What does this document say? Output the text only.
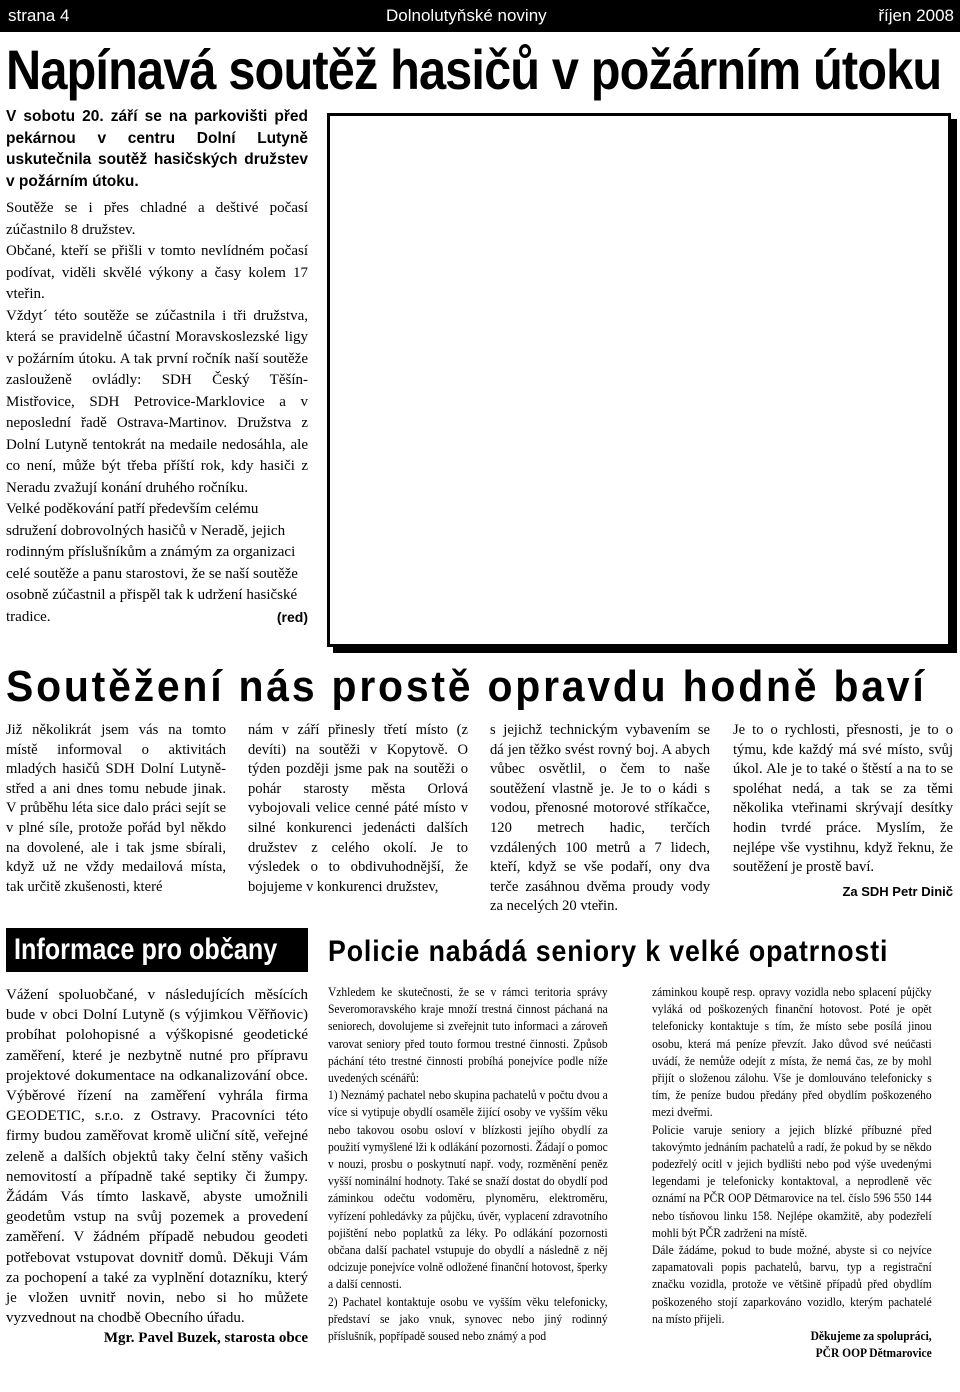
strana 4	Dolnolutyňské noviny	říjen 2008
Napínavá soutěž hasičů v požárním útoku
V sobotu 20. září se na parkovišti před pekárnou v centru Dolní Lutyně uskutečnila soutěž hasičských družstev v požárním útoku.

Soutěže se i přes chladné a deštivé počasí zúčastnilo 8 družstev.

Občané, kteří se přišli v tomto nevlídném počasí podívat, viděli skvělé výkony a časy kolem 17 vteřin.

Vždyt´ této soutěže se zúčastnila i tři družstva, která se pravidelně účastní Moravskoslezské ligy v požárním útoku. A tak první ročník naší soutěže zaslouženě ovládly: SDH Český Těšín-Mistřovice, SDH Petrovice-Marklovice a v neposlední řadě Ostrava-Martinov. Družstva z Dolní Lutyně tentokrát na medaile nedosáhla, ale co není, může být třeba příští rok, kdy hasiči z Neradu zvažují konání druhého ročníku.

Velké poděkování patří především celému sdružení dobrovolných hasičů v Neradě, jejich rodinným příslušníkům a známým za organizaci celé soutěže a panu starostovi, že se naší soutěže osobně zúčastnil a přispěl tak k udržení hasičské tradice.	(red)

Soutěžení nás prostě opravdu hodně baví
Již několikrát jsem vás na tomto místě informoval o aktivitách mladých hasičů SDH Dolní Lutyně-střed a ani dnes tomu nebude jinak. V průběhu léta sice dalo práci sejít se v plné síle, protože pořád byl někdo na dovolené, ale i tak jsme sbírali, když už ne vždy medailová místa, tak určitě zkušenosti, které
nám v září přinesly třetí místo (z devíti) na soutěži v Kopytově. O týden později jsme pak na soutěži o pohár starosty města Orlová vybojovali velice cenné páté místo v silné konkurenci jedenácti dalších družstev z celého okolí. Je to výsledek o to obdivuhodnější, že bojujeme v konkurenci družstev,
s jejichž technickým vybavením se dá jen těžko svést rovný boj. A abych vůbec osvětlil, o čem to naše soutěžení vlastně je. Je to o kádi s vodou, přenosné motorové stříkačce, 120 metrech hadic, terčích vzdálených 100 metrů a 7 lidech, kteří, když se vše podaří, ony dva terče zasáhnou dvěma proudy vody za necelých 20 vteřin.
Je to o rychlosti, přesnosti, je to o týmu, kde každý má své místo, svůj úkol. Ale je to také o štěstí a na to se spoléhat nedá, a tak se za těmi několika vteřinami skrývají desítky hodin tvrdé práce. Myslím, že nejlépe vše vystihnu, když řeknu, že soutěžení je prostě baví.
Za SDH Petr Dinič
Informace pro občany
Vážení spoluobčané, v následujících měsících bude v obci Dolní Lutyně (s výjimkou Věřňovic) probíhat polohopisné a výškopisné geodetické zaměření, které je nezbytně nutné pro přípravu projektové dokumentace na odkanalizování obce. Výběrové řízení na zaměření vyhrála firma GEODETIC, s.r.o. z Ostravy. Pracovníci této firmy budou zaměřovat kromě uliční sítě, veřejné zeleně a dalších objektů taky čelní stěny vašich nemovitostí a případně také septiky či žumpy. Žádám Vás tímto laskavě, abyste umožnili geodetům vstup na svůj pozemek a provedení zaměření. V žádném případě nebudou geodeti potřebovat vstupovat dovnitř domů. Děkuji Vám za pochopení a také za vyplnění dotazníku, který je vložen uvnitř novin, nebo si ho můžete vyzvednout na chodbě Obecního úřadu.
Mgr. Pavel Buzek, starosta obce
Policie nabádá seniory k velké opatrnosti

Vzhledem ke skutečnosti, že se v rámci teritoria správy Severomoravského kraje množí trestná činnost páchaná na seniorech, dovolujeme si zveřejnit tuto informaci a zároveň varovat seniory před touto formou trestné činnosti. Způsob páchání této trestné činnosti probíhá ponejvíce podle níže uvedených scénářů:

1) Neznámý pachatel nebo skupina pachatelů v počtu dvou a více si vytipuje obydlí osaměle žijící osoby ve vyšším věku nebo takovou osobu osloví v blízkosti jejího obydlí za použití vymyšlené lži k odlákání pozornosti. Žádají o pomoc v nouzi, prosbu o poskytnutí např. vody, rozměnění peněz vyšší nominální hodnoty. Také se snaží dostat do obydlí pod záminkou odečtu vodoměru, plynoměru, elektroměru, vyřízení pohledávky za půjčku, úvěr, vyplacení zdravotního pojištění nebo poplatků za léky. Po odlákání pozornosti občana další pachatel vstupuje do obydlí a následně z něj odcizuje ponejvíce volně odložené finanční hotovost, šperky a další cennosti.

2) Pachatel kontaktuje osobu ve vyšším věku telefonicky, představí se jako vnuk, synovec nebo jiný rodinný příslušník, popřípadě soused nebo známý a pod

záminkou koupě resp. opravy vozidla nebo splacení půjčky vyláká od poškozených finanční hotovost. Poté je opět telefonicky kontaktuje s tím, že místo sebe posílá jinou osobu, která má peníze převzít. Jako důvod své neúčasti uvádí, že nemůže odejít z místa, že nemá čas, ze by mohl přijít o složenou zálohu. Vše je domlouváno telefonicky s tím, že peníze budou předány před obydlím poškozeného mezi dveřmi.

Policie varuje seniory a jejich blízké příbuzné před takovýmto jednáním pachatelů a radí, že pokud by se někdo podezřelý ocitl v jejich bydlišti nebo pod výše uvedenými legendami je telefonicky kontaktoval, a neprodleně věc oznámí na PČR OOP Dětmarovice na tel. číslo 596 550 144 nebo tísňovou linku 158. Nejlépe okamžitě, aby podezřelí mohli být PČR zadrženi na místě.

Dále žádáme, pokud to bude možné, abyste si co nejvíce zapamatovali popis pachatelů, barvu, typ a registrační značku vozidla, protože ve většině případů před obydlím poškozeného stojí zaparkováno vozidlo, kterým pachatelé na místo přijeli.

Děkujeme za spolupráci,

PČR OOP Dětmarovice
